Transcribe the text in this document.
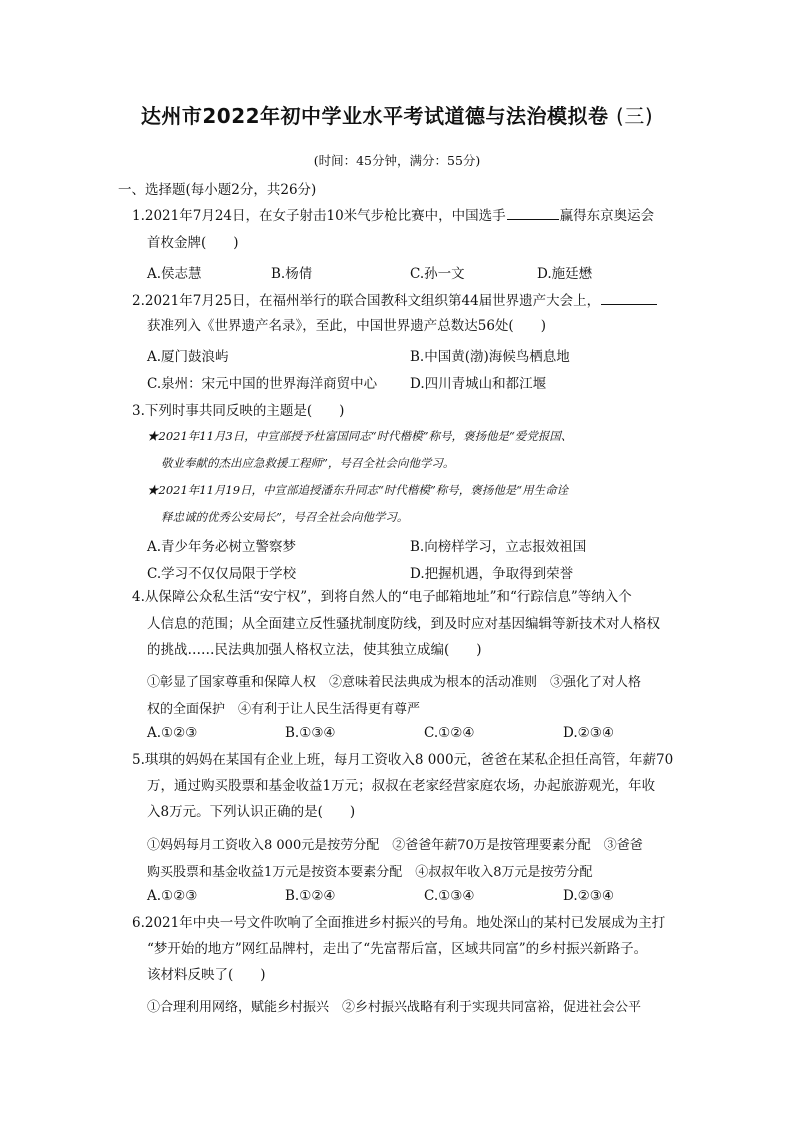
达州市2022年初中学业水平考试道德与法治模拟卷 (三)
(时间：45分钟，满分：55分)
一、选择题(每小题2分，共26分)
1.2021年7月24日，在女子射击10米气步枪比赛中，中国选手	赢得东京奥运会
首枚金牌(　　)
A.侯志慧	B.杨倩	C.孙一文	D.施廷懋
2.2021年7月25日，在福州举行的联合国教科文组织第44届世界遗产大会上，
获准列入《世界遗产名录》，至此，中国世界遗产总数达56处(　　)
A.厦门鼓浪屿	B.中国黄(渤)海候鸟栖息地
C.泉州：宋元中国的世界海洋商贸中心 D.四川青城山和都江堰
3.下列时事共同反映的主题是(　　)
★2021年11月3日，中宣部授予杜富国同志“时代楷模”称号，褒扬他是“爱党报国、
敬业奉献的杰出应急救援工程师”，号召全社会向他学习。
★2021年11月19日，中宣部追授潘东升同志“时代楷模”称号，褒扬他是“用生命诠
释忠诚的优秀公安局长”，号召全社会向他学习。
A.青少年务必树立警察梦	B.向榜样学习，立志报效祖国
C.学习不仅仅局限于学校	D.把握机遇，争取得到荣誉
4.从保障公众私生活“安宁权”，到将自然人的“电子邮箱地址”和“行踪信息”等纳入个
人信息的范围；从全面建立反性骚扰制度防线，到及时应对基因编辑等新技术对人格权
的挑战……民法典加强人格权立法，使其独立成编(　　)
①彰显了国家尊重和保障人权　②意味着民法典成为根本的活动准则　③强化了对人格
权的全面保护　④有利于让人民生活得更有尊严
A.①②③	B.①③④	C.①②④	D.②③④
5.琪琪的妈妈在某国有企业上班，每月工资收入8 000元，爸爸在某私企担任高管，年薪70
万，通过购买股票和基金收益1万元；叔叔在老家经营家庭农场，办起旅游观光，年收
入8万元。下列认识正确的是(　　)
①妈妈每月工资收入8 000元是按劳分配　②爸爸年薪70万是按管理要素分配　③爸爸
购买股票和基金收益1万元是按资本要素分配　④叔叔年收入8万元是按劳分配
A.①②③	B.①②④	C.①③④	D.②③④
6.2021年中央一号文件吹响了全面推进乡村振兴的号角。地处深山的某村已发展成为主打
“梦开始的地方”网红品牌村，走出了“先富帮后富，区域共同富”的乡村振兴新路子。
该材料反映了(　　)
①合理利用网络，赋能乡村振兴　②乡村振兴战略有利于实现共同富裕，促进社会公平
